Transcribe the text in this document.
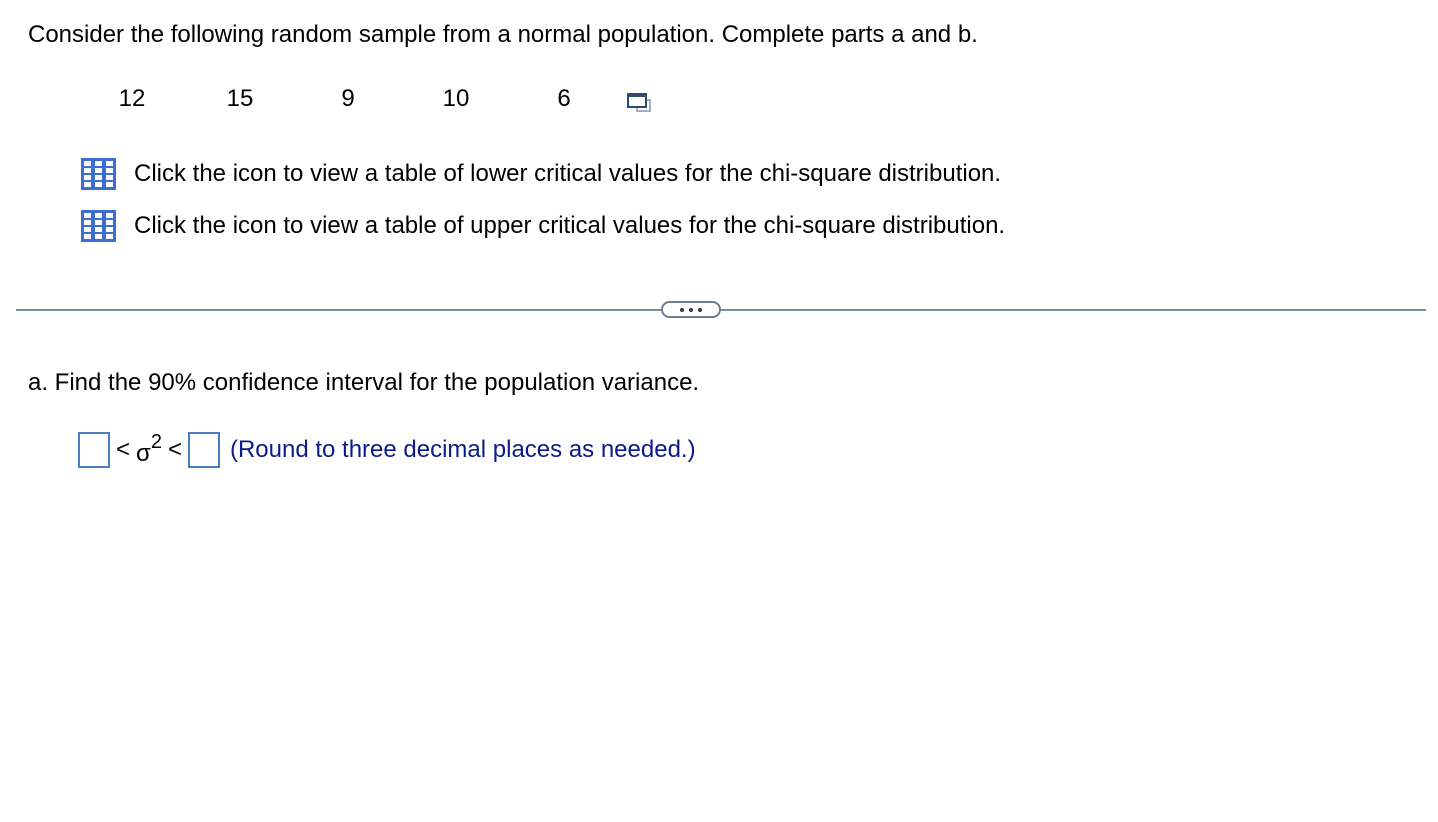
Consider the following random sample from a normal population. Complete parts a and b.
12	15	9	10	6
Click the icon to view a table of lower critical values for the chi-square distribution.
Click the icon to view a table of upper critical values for the chi-square distribution.
a. Find the 90% confidence interval for the population variance.
< $\sigma^2$ < (Round to three decimal places as needed.)
